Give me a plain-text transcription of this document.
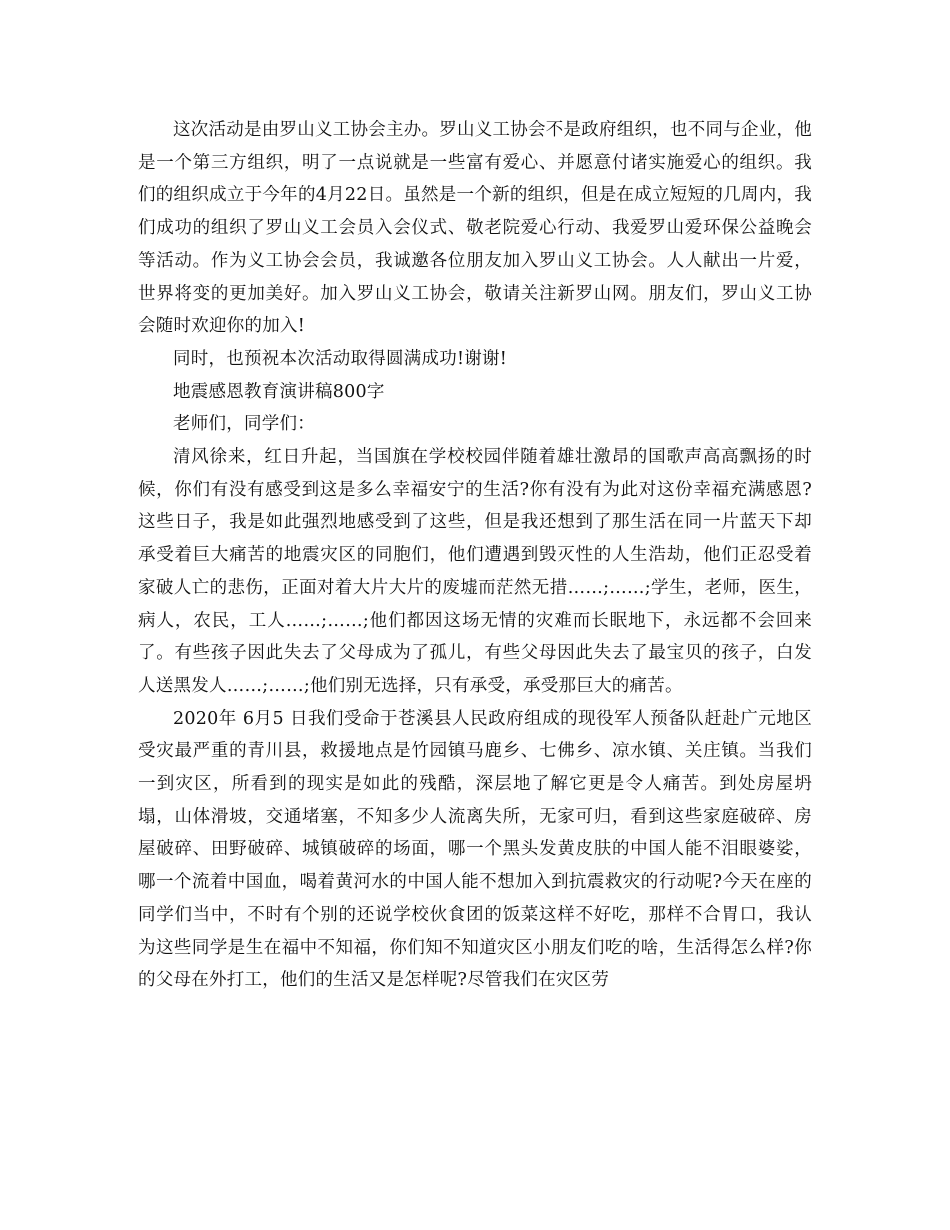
这次活动是由罗山义工协会主办。罗山义工协会不是政府组织，也不同与企业，他是一个第三方组织，明了一点说就是一些富有爱心、并愿意付诸实施爱心的组织。我们的组织成立于今年的4月22日。虽然是一个新的组织，但是在成立短短的几周内，我们成功的组织了罗山义工会员入会仪式、敬老院爱心行动、我爱罗山爱环保公益晚会等活动。作为义工协会会员，我诚邀各位朋友加入罗山义工协会。人人献出一片爱，世界将变的更加美好。加入罗山义工协会，敬请关注新罗山网。朋友们，罗山义工协会随时欢迎你的加入!

同时，也预祝本次活动取得圆满成功!谢谢!

地震感恩教育演讲稿800字

老师们，同学们：

清风徐来，红日升起，当国旗在学校校园伴随着雄壮激昂的国歌声高高飘扬的时候，你们有没有感受到这是多么幸福安宁的生活?你有没有为此对这份幸福充满感恩?这些日子，我是如此强烈地感受到了这些，但是我还想到了那生活在同一片蓝天下却承受着巨大痛苦的地震灾区的同胞们，他们遭遇到毁灭性的人生浩劫，他们正忍受着家破人亡的悲伤，正面对着大片大片的废墟而茫然无措……;……;学生，老师，医生，病人，农民，工人……;……;他们都因这场无情的灾难而长眠地下，永远都不会回来了。有些孩子因此失去了父母成为了孤儿，有些父母因此失去了最宝贝的孩子，白发人送黑发人……;……;他们别无选择，只有承受，承受那巨大的痛苦。

2020年 6月5 日我们受命于苍溪县人民政府组成的现役军人预备队赶赴广元地区受灾最严重的青川县，救援地点是竹园镇马鹿乡、七佛乡、凉水镇、关庄镇。当我们一到灾区，所看到的现实是如此的残酷，深层地了解它更是令人痛苦。到处房屋坍塌，山体滑坡，交通堵塞，不知多少人流离失所，无家可归，看到这些家庭破碎、房屋破碎、田野破碎、城镇破碎的场面，哪一个黑头发黄皮肤的中国人能不泪眼婆娑，哪一个流着中国血，喝着黄河水的中国人能不想加入到抗震救灾的行动呢?今天在座的同学们当中，不时有个别的还说学校伙食团的饭菜这样不好吃，那样不合胃口，我认为这些同学是生在福中不知福，你们知不知道灾区小朋友们吃的啥，生活得怎么样?你的父母在外打工，他们的生活又是怎样呢?尽管我们在灾区劳
